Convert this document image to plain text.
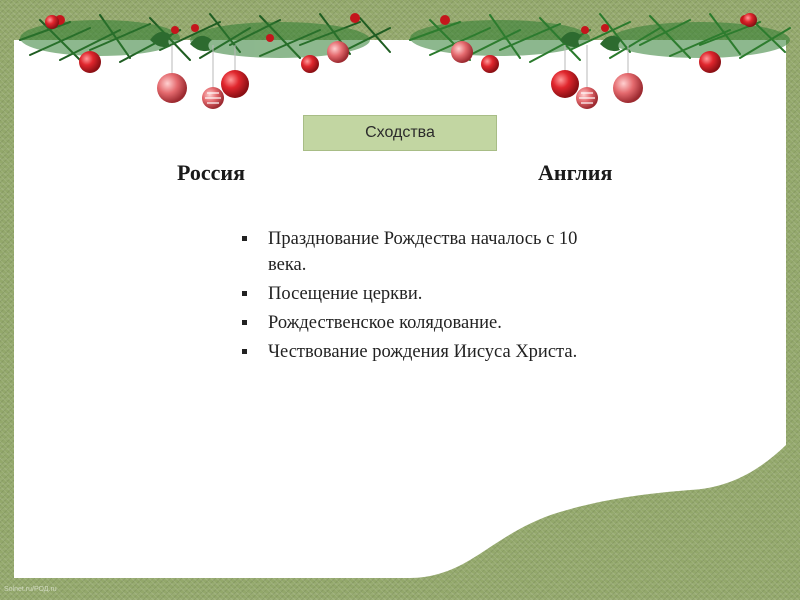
Сходства
Россия	Англия
Празднование Рождества началось с 10 века.
Посещение церкви.
Рождественское колядование.
Чествование рождения Иисуса Христа.
Solnet.ru/РОД.ru
